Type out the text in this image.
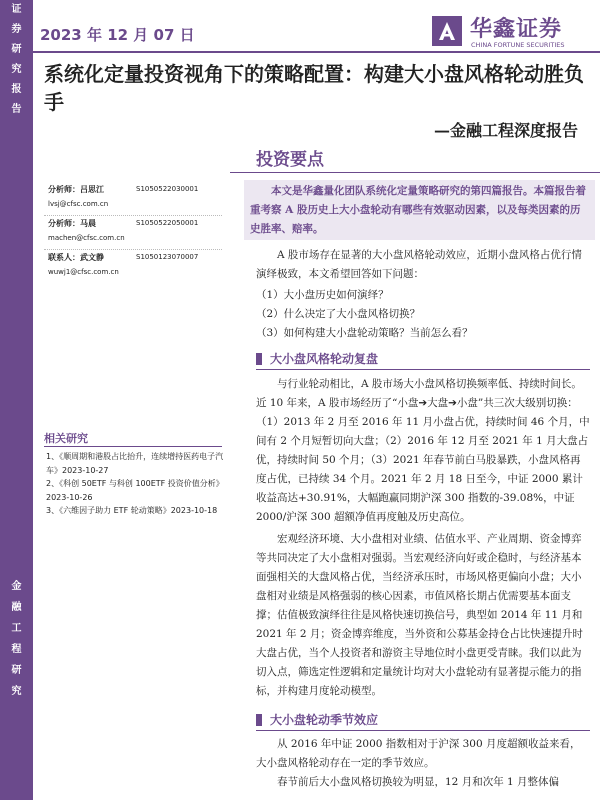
证
券
研
究
报
告
金
融
工
程
研
究
2023 年 12 月 07 日	华鑫证券
CHINA FORTUNE SECURITIES
系统化定量投资视角下的策略配置：构建大小盘风格轮动胜负手
—金融工程深度报告
投资要点
分析师：吕思江	S1050522030001
lvsj@cfsc.com.cn
分析师：马晨	S1050522050001
machen@cfsc.com.cn
联系人：武文静	S1050123070007
wuwj1@cfsc.com.cn
相关研究
1、《顺周期和港股占比抬升，连续增持医药电子汽车》2023-10-27
2、《科创 50ETF 与科创 100ETF 投资价值分析》2023-10-26
3、《六维因子助力 ETF 轮动策略》2023-10-18
本文是华鑫量化团队系统化定量策略研究的第四篇报告。本篇报告着重考察 A 股历史上大小盘轮动有哪些有效驱动因素，以及每类因素的历史胜率、赔率。
A 股市场存在显著的大小盘风格轮动效应，近期小盘风格占优行情演绎极致，本文希望回答如下问题：
（1）大小盘历史如何演绎？
（2）什么决定了大小盘风格切换？
（3）如何构建大小盘轮动策略？当前怎么看？
大小盘风格轮动复盘
与行业轮动相比，A 股市场大小盘风格切换频率低、持续时间长。近 10 年来，A 股市场经历了“小盘➔大盘➔小盘”共三次大级别切换：（1）2013 年 2 月至 2016 年 11 月小盘占优，持续时间 46 个月，中间有 2 个月短暂切向大盘；（2）2016 年 12 月至 2021 年 1 月大盘占优，持续时间 50 个月；（3）2021 年春节前白马股暴跌，小盘风格再度占优，已持续 34 个月。2021 年 2 月 18 日至今，中证 2000 累计收益高达+30.91%，大幅跑赢同期沪深 300 指数的-39.08%，中证 2000/沪深 300 超额净值再度触及历史高位。
宏观经济环境、大小盘相对业绩、估值水平、产业周期、资金博弈等共同决定了大小盘相对强弱。当宏观经济向好或企稳时，与经济基本面强相关的大盘风格占优，当经济承压时，市场风格更偏向小盘；大小盘相对业绩是风格强弱的核心因素，市值风格长期占优需要基本面支撑；估值极致演绎往往是风格快速切换信号，典型如 2014 年 11 月和 2021 年 2 月；资金博弈维度，当外资和公募基金持仓占比快速提升时大盘占优，当个人投资者和游资主导地位时小盘更受青睐。我们以此为切入点，筛选定性逻辑和定量统计均对大小盘轮动有显著提示能力的指标，并构建月度轮动模型。
大小盘轮动季节效应
从 2016 年中证 2000 指数相对于沪深 300 月度超额收益来看，大小盘风格轮动存在一定的季节效应。
春节前后大小盘风格切换较为明显，12 月和次年 1 月整体偏
